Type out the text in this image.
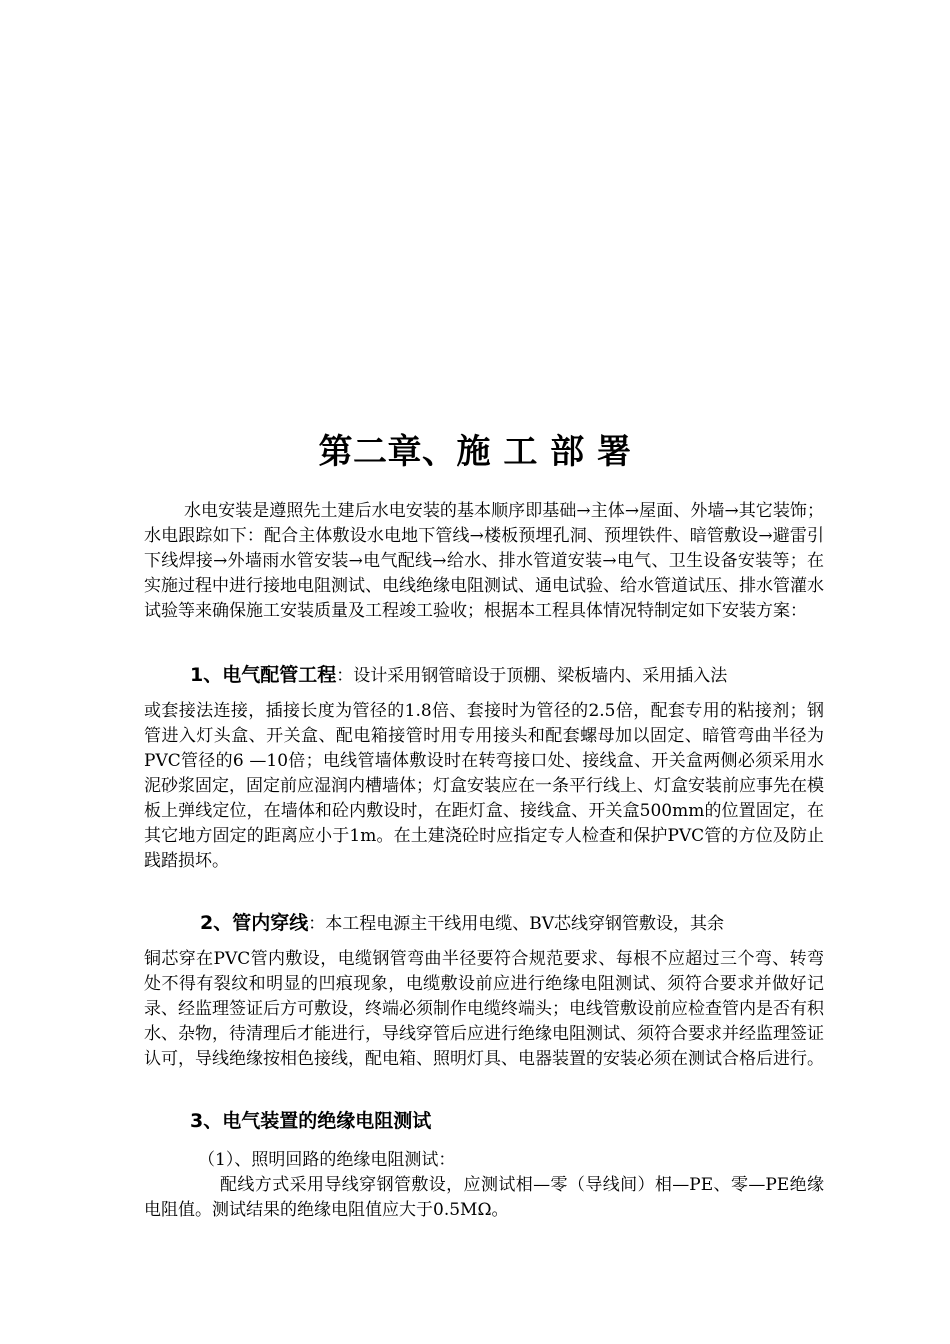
第二章、施 工 部 署

水电安装是遵照先土建后水电安装的基本顺序即基础→主体→屋面、外墙→其它装饰；水电跟踪如下：配合主体敷设水电地下管线→楼板预埋孔洞、预埋铁件、暗管敷设→避雷引下线焊接→外墙雨水管安装→电气配线→给水、排水管道安装→电气、卫生设备安装等；在实施过程中进行接地电阻测试、电线绝缘电阻测试、通电试验、给水管道试压、排水管灌水试验等来确保施工安装质量及工程竣工验收；根据本工程具体情况特制定如下安装方案：

1、电气配管工程：设计采用钢管暗设于顶棚、梁板墙内、采用插入法

或套接法连接，插接长度为管径的1.8倍、套接时为管径的2.5倍，配套专用的粘接剂；钢管进入灯头盒、开关盒、配电箱接管时用专用接头和配套螺母加以固定、暗管弯曲半径为PVC管径的6 —10倍；电线管墙体敷设时在转弯接口处、接线盒、开关盒两侧必须采用水泥砂浆固定，固定前应湿润内槽墙体；灯盒安装应在一条平行线上、灯盒安装前应事先在模板上弹线定位，在墙体和砼内敷设时，在距灯盒、接线盒、开关盒500mm的位置固定，在其它地方固定的距离应小于1m。在土建浇砼时应指定专人检查和保护PVC管的方位及防止践踏损坏。

2、管内穿线：本工程电源主干线用电缆、BV芯线穿钢管敷设，其余

铜芯穿在PVC管内敷设，电缆钢管弯曲半径要符合规范要求、每根不应超过三个弯、转弯处不得有裂纹和明显的凹痕现象，电缆敷设前应进行绝缘电阻测试、须符合要求并做好记录、经监理签证后方可敷设，终端必须制作电缆终端头；电线管敷设前应检查管内是否有积水、杂物，待清理后才能进行，导线穿管后应进行绝缘电阻测试、须符合要求并经监理签证认可，导线绝缘按相色接线，配电箱、照明灯具、电器装置的安装必须在测试合格后进行。

3、电气装置的绝缘电阻测试

（1）、照明回路的绝缘电阻测试：

配线方式采用导线穿钢管敷设，应测试相—零（导线间）相—PE、零—PE绝缘电阻值。测试结果的绝缘电阻值应大于0.5MΩ。
